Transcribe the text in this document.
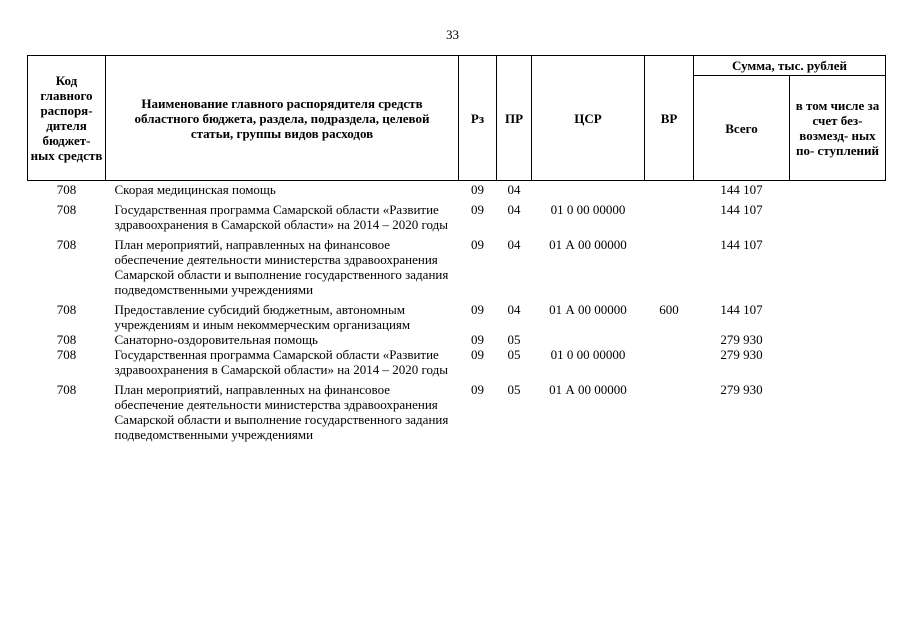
33
Код главного распоря- дителя бюджет- ных средств	Наименование главного распорядителя средств областного бюджета, раздела, подраздела, целевой статьи, группы видов расходов	Рз	ПР	ЦСР	ВР	Сумма, тыс. рублей	
						Всего	в том числе за счет без- возмезд- ных по- ступлений
708	Скорая медицинская помощь	09	04			144 107	
708	Государственная программа Самарской области «Развитие здравоохранения в Самарской области» на 2014 – 2020 годы	09	04	01 0 00 00000		144 107	
708	План мероприятий, направленных на финансовое обеспечение деятельности министерства здравоохранения Самарской области и выполнение государственного задания подведомственными учреждениями	09	04	01 А 00 00000		144 107	
708	Предоставление субсидий бюджетным, автономным учреждениям и иным некоммерческим организациям	09	04	01 А 00 00000	600	144 107	
708	Санаторно-оздоровительная помощь	09	05			279 930	
708	Государственная программа Самарской области «Развитие здравоохранения в Самарской области» на 2014 – 2020 годы	09	05	01 0 00 00000		279 930	
708	План мероприятий, направленных на финансовое обеспечение деятельности министерства здравоохранения Самарской области и выполнение государственного задания подведомственными учреждениями	09	05	01 А 00 00000		279 930	
